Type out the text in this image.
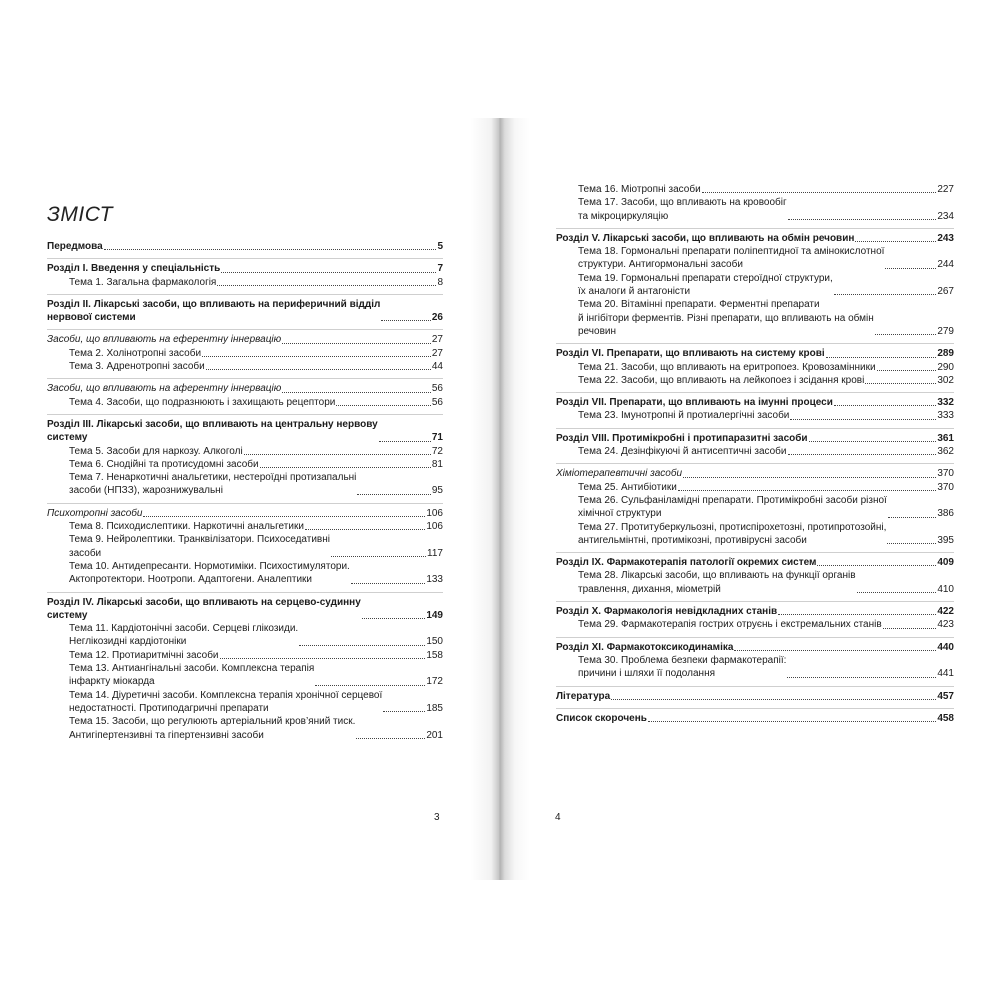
ЗМІСТ
Передмова	5
Розділ I. Введення у спеціальність	7
Тема 1. Загальна фармакологія	8
Розділ II. Лікарські засоби, що впливають на периферичний відділ
нервової системи	26
Засоби, що впливають на еферентну іннервацію	27
Тема 2. Холінотропні засоби	27
Тема 3. Адренотропні засоби	44
Засоби, що впливають на аферентну іннервацію	56
Тема 4. Засоби, що подразнюють і захищають рецептори	56
Розділ III. Лікарські засоби, що впливають на центральну нервову
систему	71
Тема 5. Засоби для наркозу. Алкоголі	72
Тема 6. Снодійні та протисудомні засоби	81
Тема 7. Ненаркотичні анальгетики, нестероїдні протизапальні
засоби (НПЗЗ), жарознижувальні	95
Психотропні засоби	106
Тема 8. Психодислептики. Наркотичні анальгетики	106
Тема 9. Нейролептики. Транквілізатори. Психоседативні
засоби	117
Тема 10. Антидепресанти. Нормотиміки. Психостимулятори.
Актопротектори. Ноотропи. Адаптогени. Аналептики	133
Розділ IV. Лікарські засоби, що впливають на серцево-судинну
систему	149
Тема 11. Кардіотонічні засоби. Серцеві глікозиди.
Неглікозидні кардіотоніки	150
Тема 12. Протиаритмічні засоби	158
Тема 13. Антиангінальні засоби. Комплексна терапія
інфаркту міокарда	172
Тема 14. Діуретичні засоби. Комплексна терапія хронічної серцевої
недостатності. Протиподагричні препарати	185
Тема 15. Засоби, що регулюють артеріальний кров’яний тиск.
Антигіпертензивні та гіпертензивні засоби	201
Тема 16. Міотропні засоби	227
Тема 17. Засоби, що впливають на кровообіг
та мікроциркуляцію	234
Розділ V. Лікарські засоби, що впливають на обмін речовин	243
Тема 18. Гормональні препарати поліпептидної та амінокислотної
структури. Антигормональні засоби	244
Тема 19. Гормональні препарати стероїдної структури,
їх аналоги й антагоністи	267
Тема 20. Вітамінні препарати. Ферментні препарати
й інгібітори ферментів. Різні препарати, що впливають на обмін
речовин	279
Розділ VI. Препарати, що впливають на систему крові	289
Тема 21. Засоби, що впливають на еритропоез. Кровозамінники	290
Тема 22. Засоби, що впливають на лейкопоез і зсідання крові	302
Розділ VII. Препарати, що впливають на імунні процеси	332
Тема 23. Імунотропні й протиалергічні засоби	333
Розділ VIII. Протимікробні і протипаразитні засоби	361
Тема 24. Дезінфікуючі й антисептичні засоби	362
Хіміотерапевтичні засоби	370
Тема 25. Антибіотики	370
Тема 26. Сульфаніламідні препарати. Протимікробні засоби різної
хімічної структури	386
Тема 27. Протитуберкульозні, протиспірохетозні, протипротозойні,
антигельмінтні, протимікозні, противірусні засоби	395
Розділ IX. Фармакотерапія патології окремих систем	409
Тема 28. Лікарські засоби, що впливають на функції органів
травлення, дихання, міометрій	410
Розділ X. Фармакологія невідкладних станів	422
Тема 29. Фармакотерапія гострих отруєнь і екстремальних станів	423
Розділ XI. Фармакотоксикодинаміка	440
Тема 30. Проблема безпеки фармакотерапії:
причини і шляхи її подолання	441
Література	457
Список скорочень	458
3	4
